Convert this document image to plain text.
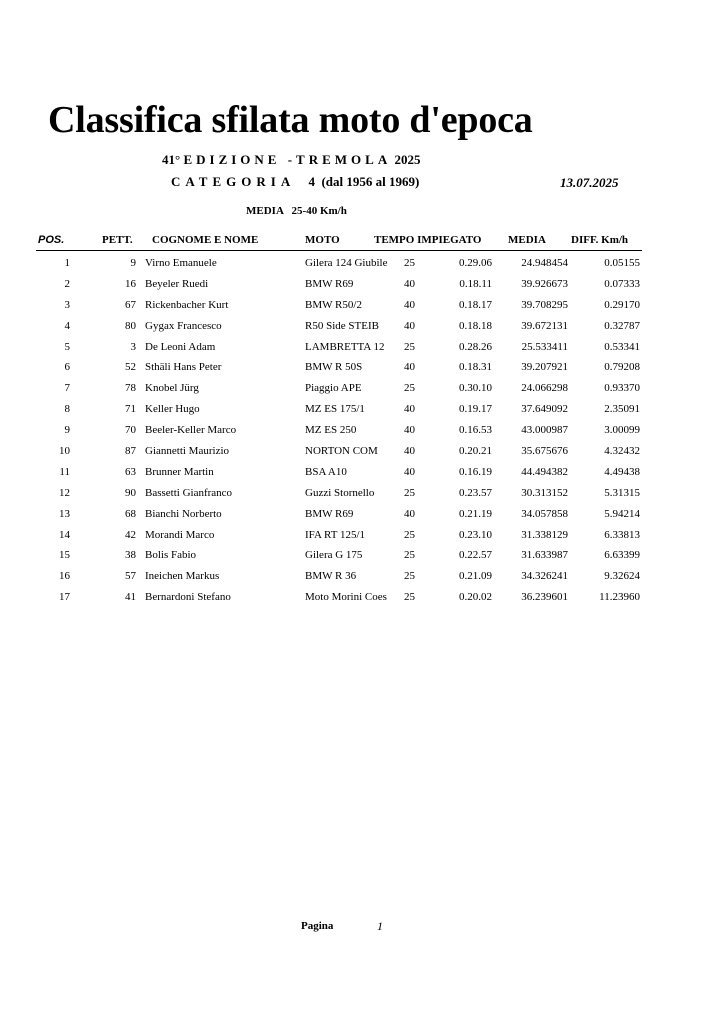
Classifica sfilata moto d'epoca
41° EDIZIONE -TREMOLA 2025
CATEGORIA 4  (dal 1956 al 1969)	13.07.2025
MEDIA   25-40 Km/h
POS.	PETT. COGNOME E NOME	MOTO	TEMPO IMPIEGATO MEDIA DIFF. Km/h
1	9 Virno Emanuele	Gilera 124 Giubile	25	0.29.06	24.948454	0.05155
2	16 Beyeler Ruedi	BMW R69	40	0.18.11	39.926673	0.07333
3	67 Rickenbacher Kurt	BMW R50/2	40	0.18.17	39.708295	0.29170
4	80 Gygax Francesco	R50 Side STEIB	40	0.18.18	39.672131	0.32787
5	3 De Leoni Adam	LAMBRETTA 12	25	0.28.26	25.533411	0.53341
6	52 Sthäli Hans Peter	BMW R 50S	40	0.18.31	39.207921	0.79208
7	78 Knobel Jürg	Piaggio APE	25	0.30.10	24.066298	0.93370
8	71 Keller Hugo	MZ ES 175/1	40	0.19.17	37.649092	2.35091
9	70 Beeler-Keller Marco	MZ ES 250	40	0.16.53	43.000987	3.00099
10	87 Giannetti Maurizio	NORTON COM	40	0.20.21	35.675676	4.32432
11	63 Brunner Martin	BSA A10	40	0.16.19	44.494382	4.49438
12	90 Bassetti Gianfranco	Guzzi Stornello	25	0.23.57	30.313152	5.31315
13	68 Bianchi Norberto	BMW R69	40	0.21.19	34.057858	5.94214
14	42 Morandi Marco	IFA RT 125/1	25	0.23.10	31.338129	6.33813
15	38 Bolis Fabio	Gilera G 175	25	0.22.57	31.633987	6.63399
16	57 Ineichen Markus	BMW R 36	25	0.21.09	34.326241	9.32624
17	41 Bernardoni Stefano	Moto Morini Coes	25	0.20.02	36.239601	11.23960
Pagina	1
